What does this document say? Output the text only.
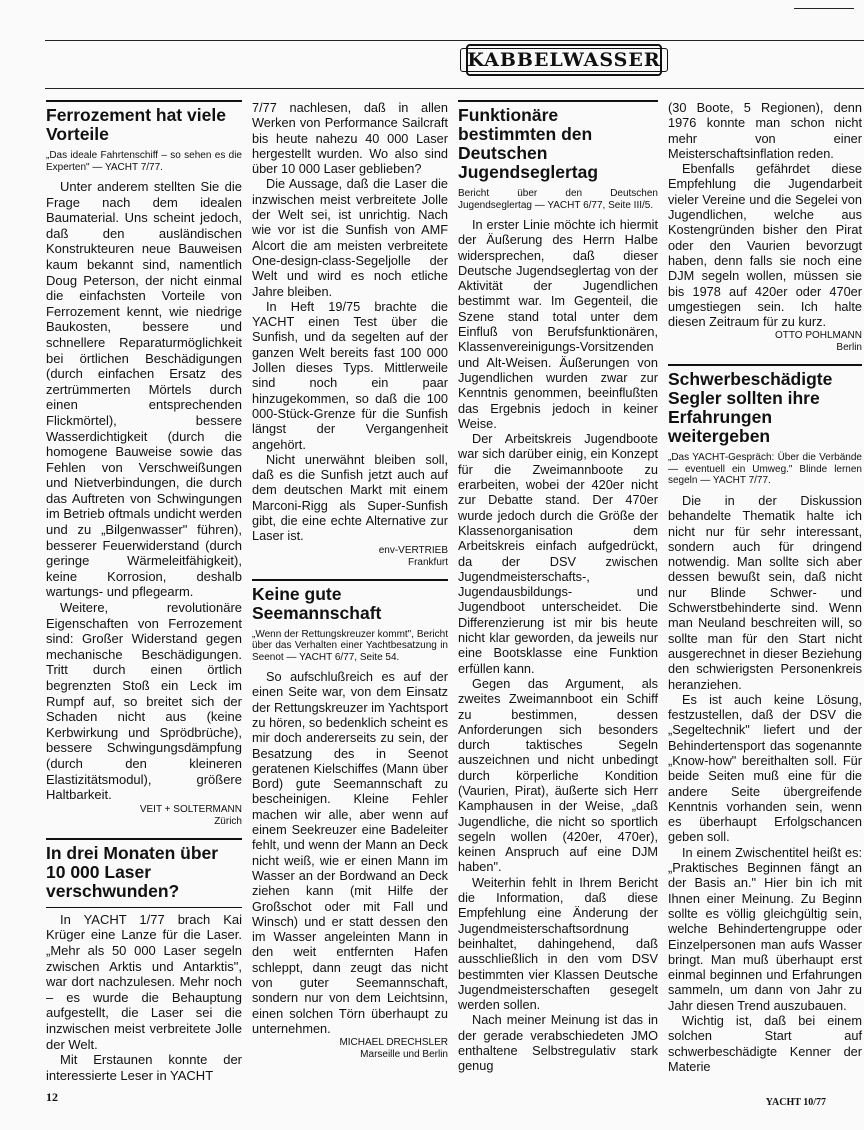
KABBELWASSER
Ferrozement hat viele Vorteile
„Das ideale Fahrtenschiff – so sehen es die Experten" — YACHT 7/77.

Unter anderem stellten Sie die Frage nach dem idealen Baumaterial. Uns scheint jedoch, daß den ausländischen Konstrukteuren neue Bauweisen kaum bekannt sind, namentlich Doug Peterson, der nicht einmal die einfachsten Vorteile von Ferrozement kennt, wie niedrige Baukosten, bessere und schnellere Reparaturmöglichkeit bei örtlichen Beschädigungen (durch einfachen Ersatz des zertrümmerten Mörtels durch einen entsprechenden Flickmörtel), bessere Wasserdichtigkeit (durch die homogene Bauweise sowie das Fehlen von Verschweißungen und Nietverbindungen, die durch das Auftreten von Schwingungen im Betrieb oftmals undicht werden und zu „Bilgenwasser" führen), besserer Feuerwiderstand (durch geringe Wärmeleitfähigkeit), keine Korrosion, deshalb wartungs- und pflegearm.

Weitere, revolutionäre Eigenschaften von Ferrozement sind: Großer Widerstand gegen mechanische Beschädigungen. Tritt durch einen örtlich begrenzten Stoß ein Leck im Rumpf auf, so breitet sich der Schaden nicht aus (keine Kerbwirkung und Sprödbrüche), bessere Schwingungsdämpfung (durch den kleineren Elastizitätsmodul), größere Haltbarkeit.

VEIT + SOLTERMANN
Zürich
In drei Monaten über 10 000 Laser verschwunden?

In YACHT 1/77 brach Kai Krüger eine Lanze für die Laser. „Mehr als 50 000 Laser segeln zwischen Arktis und Antarktis", war dort nachzulesen. Mehr noch – es wurde die Behauptung aufgestellt, die Laser sei die inzwischen meist verbreitete Jolle der Welt.

Mit Erstaunen konnte der interessierte Leser in YACHT

7/77 nachlesen, daß in allen Werken von Performance Sailcraft bis heute nahezu 40 000 Laser hergestellt wurden. Wo also sind über 10 000 Laser geblieben?

Die Aussage, daß die Laser die inzwischen meist verbreitete Jolle der Welt sei, ist unrichtig. Nach wie vor ist die Sunfish von AMF Alcort die am meisten verbreitete One-design-class-Segeljolle der Welt und wird es noch etliche Jahre bleiben.

In Heft 19/75 brachte die YACHT einen Test über die Sunfish, und da segelten auf der ganzen Welt bereits fast 100 000 Jollen dieses Typs. Mittlerweile sind noch ein paar hinzugekommen, so daß die 100 000-Stück-Grenze für die Sunfish längst der Vergangenheit angehört.

Nicht unerwähnt bleiben soll, daß es die Sunfish jetzt auch auf dem deutschen Markt mit einem Marconi-Rigg als Super-Sunfish gibt, die eine echte Alternative zur Laser ist.

env-VERTRIEB
Frankfurt
Keine gute Seemannschaft
„Wenn der Rettungskreuzer kommt", Bericht über das Verhalten einer Yachtbesatzung in Seenot — YACHT 6/77, Seite 54.

So aufschlußreich es auf der einen Seite war, von dem Einsatz der Rettungskreuzer im Yachtsport zu hören, so bedenklich scheint es mir doch andererseits zu sein, der Besatzung des in Seenot geratenen Kielschiffes (Mann über Bord) gute Seemannschaft zu bescheinigen. Kleine Fehler machen wir alle, aber wenn auf einem Seekreuzer eine Badeleiter fehlt, und wenn der Mann an Deck nicht weiß, wie er einen Mann im Wasser an der Bordwand an Deck ziehen kann (mit Hilfe der Großschot oder mit Fall und Winsch) und er statt dessen den im Wasser angeleinten Mann in den weit entfernten Hafen schleppt, dann zeugt das nicht von guter Seemannschaft, sondern nur von dem Leichtsinn, einen solchen Törn überhaupt zu unternehmen.

MICHAEL DRECHSLER
Marseille und Berlin
Funktionäre bestimmten den Deutschen Jugendseglertag
Bericht über den Deutschen Jugendseglertag — YACHT 6/77, Seite III/5.

In erster Linie möchte ich hiermit der Äußerung des Herrn Halbe widersprechen, daß dieser Deutsche Jugendseglertag von der Aktivität der Jugendlichen bestimmt war. Im Gegenteil, die Szene stand total unter dem Einfluß von Berufsfunktionären, Klassenvereinigungs-Vorsitzenden und Alt-Weisen. Äußerungen von Jugendlichen wurden zwar zur Kenntnis genommen, beeinflußten das Ergebnis jedoch in keiner Weise.

Der Arbeitskreis Jugendboote war sich darüber einig, ein Konzept für die Zweimannboote zu erarbeiten, wobei der 420er nicht zur Debatte stand. Der 470er wurde jedoch durch die Größe der Klassenorganisation dem Arbeitskreis einfach aufgedrückt, da der DSV zwischen Jugendmeisterschafts-, Jugendausbildungs- und Jugendboot unterscheidet. Die Differenzierung ist mir bis heute nicht klar geworden, da jeweils nur eine Bootsklasse eine Funktion erfüllen kann.

Gegen das Argument, als zweites Zweimannboot ein Schiff zu bestimmen, dessen Anforderungen sich besonders durch taktisches Segeln auszeichnen und nicht unbedingt durch körperliche Kondition (Vaurien, Pirat), äußerte sich Herr Kamphausen in der Weise, „daß Jugendliche, die nicht so sportlich segeln wollen (420er, 470er), keinen Anspruch auf eine DJM haben".

Weiterhin fehlt in Ihrem Bericht die Information, daß diese Empfehlung eine Änderung der Jugendmeisterschaftsordnung beinhaltet, dahingehend, daß ausschließlich in den vom DSV bestimmten vier Klassen Deutsche Jugendmeisterschaften gesegelt werden sollen.

Nach meiner Meinung ist das in der gerade verabschiedeten JMO enthaltene Selbstregulativ stark genug

(30 Boote, 5 Regionen), denn 1976 konnte man schon nicht mehr von einer Meisterschaftsinflation reden.

Ebenfalls gefährdet diese Empfehlung die Jugendarbeit vieler Vereine und die Segelei von Jugendlichen, welche aus Kostengründen bisher den Pirat oder den Vaurien bevorzugt haben, denn falls sie noch eine DJM segeln wollen, müssen sie bis 1978 auf 420er oder 470er umgestiegen sein. Ich halte diesen Zeitraum für zu kurz.

OTTO POHLMANN
Berlin
Schwerbeschädigte Segler sollten ihre Erfahrungen weitergeben
„Das YACHT-Gespräch: Über die Verbände — eventuell ein Umweg." Blinde lernen segeln — YACHT 7/77.

Die in der Diskussion behandelte Thematik halte ich nicht nur für sehr interessant, sondern auch für dringend notwendig. Man sollte sich aber dessen bewußt sein, daß nicht nur Blinde Schwer- und Schwerstbehinderte sind. Wenn man Neuland beschreiten will, so sollte man für den Start nicht ausgerechnet in dieser Beziehung den schwierigsten Personenkreis heranziehen.

Es ist auch keine Lösung, festzustellen, daß der DSV die „Segeltechnik" liefert und der Behindertensport das sogenannte „Know-how" bereithalten soll. Für beide Seiten muß eine für die andere Seite übergreifende Kenntnis vorhanden sein, wenn es überhaupt Erfolgschancen geben soll.

In einem Zwischentitel heißt es: „Praktisches Beginnen fängt an der Basis an." Hier bin ich mit Ihnen einer Meinung. Zu Beginn sollte es völlig gleichgültig sein, welche Behindertengruppe oder Einzelpersonen man aufs Wasser bringt. Man muß überhaupt erst einmal beginnen und Erfahrungen sammeln, um dann von Jahr zu Jahr diesen Trend auszubauen.

Wichtig ist, daß bei einem solchen Start auf schwerbeschädigte Kenner der Materie

12	YACHT 10/77
